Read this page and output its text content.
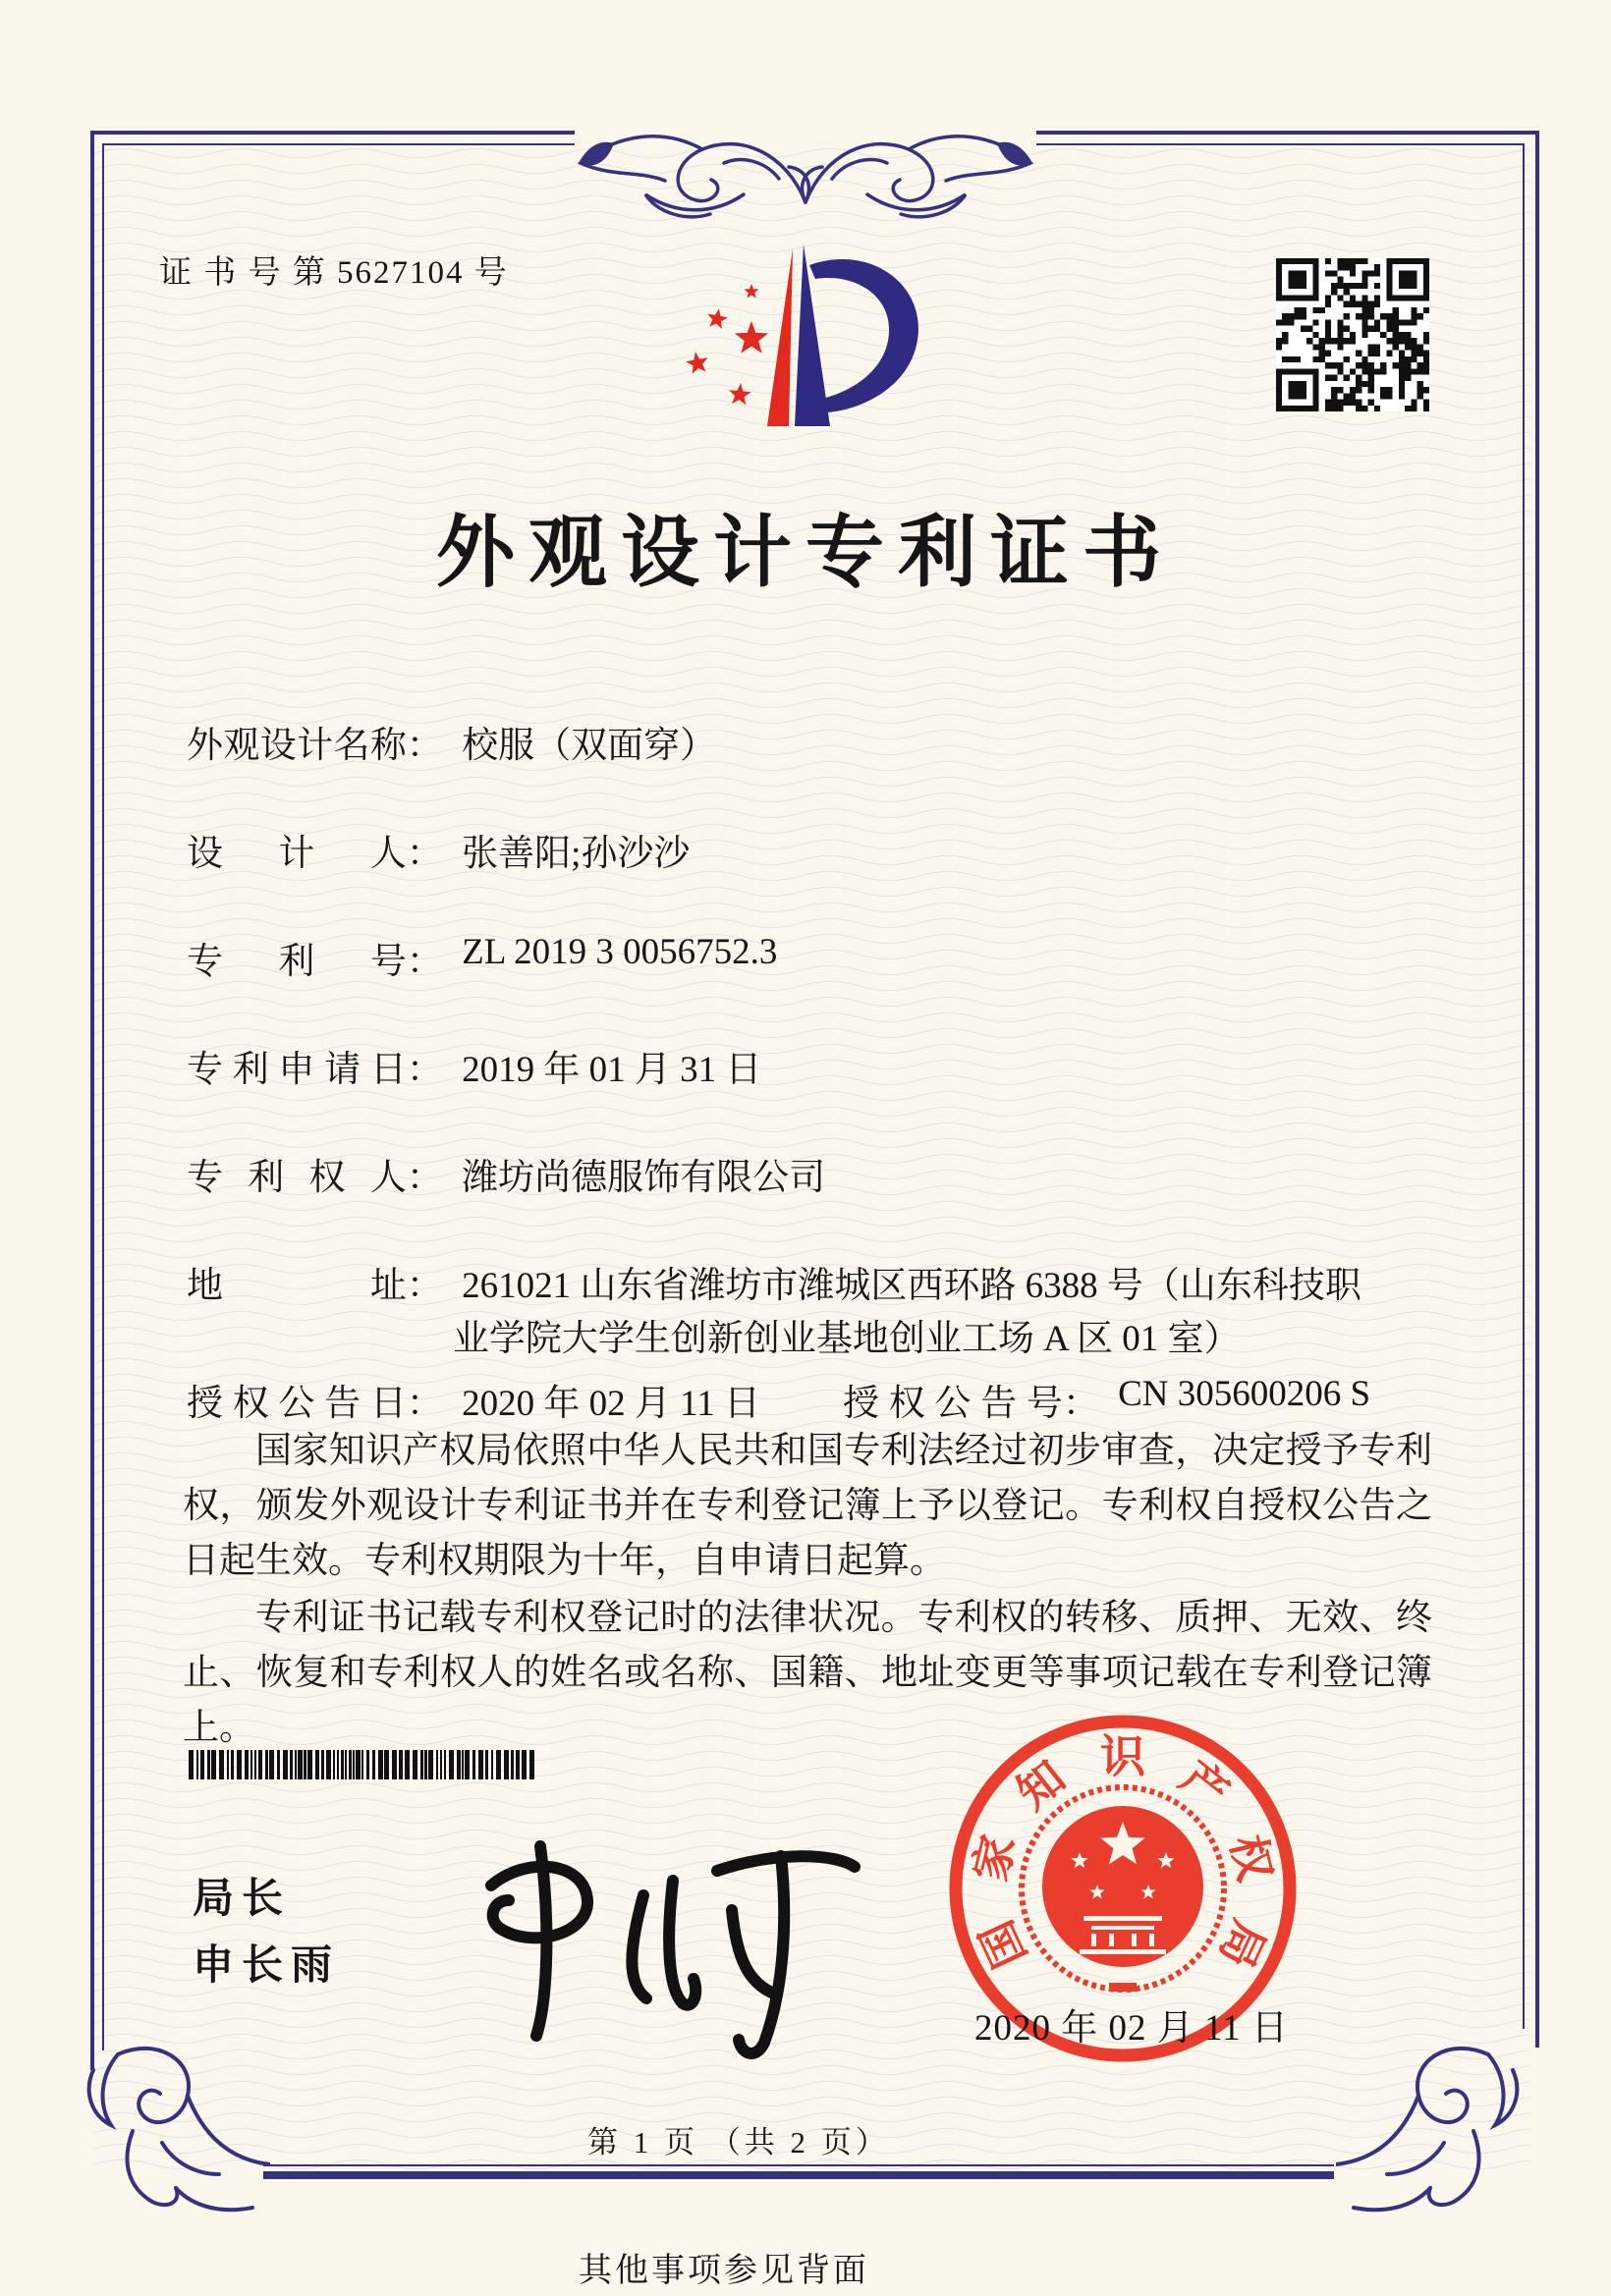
证 书 号 第 5627104 号
外观设计专利证书
外观设计名称： 校服（双面穿）
设计人： 张善阳;孙沙沙
专利号： ZL 2019 3 0056752.3
专利申请日： 2019 年 01 月 31 日
专利权人： 潍坊尚德服饰有限公司
地址： 261021 山东省潍坊市潍城区西环路 6388 号（山东科技职
业学院大学生创新创业基地创业工场 A 区 01 室）
授权公告日： 2020 年 02 月 11 日 授权公告号： CN 305600206 S
国家知识产权局依照中华人民共和国专利法经过初步审查，决定授予专利权，颁发外观设计专利证书并在专利登记簿上予以登记。专利权自授权公告之日起生效。专利权期限为十年，自申请日起算。
专利证书记载专利权登记时的法律状况。专利权的转移、质押、无效、终止、恢复和专利权人的姓名或名称、国籍、地址变更等事项记载在专利登记簿上。
局长
申长雨	国
家
知 识 产
权
局
2020 年 02 月 11 日
第 1 页 （共 2 页）
其他事项参见背面
